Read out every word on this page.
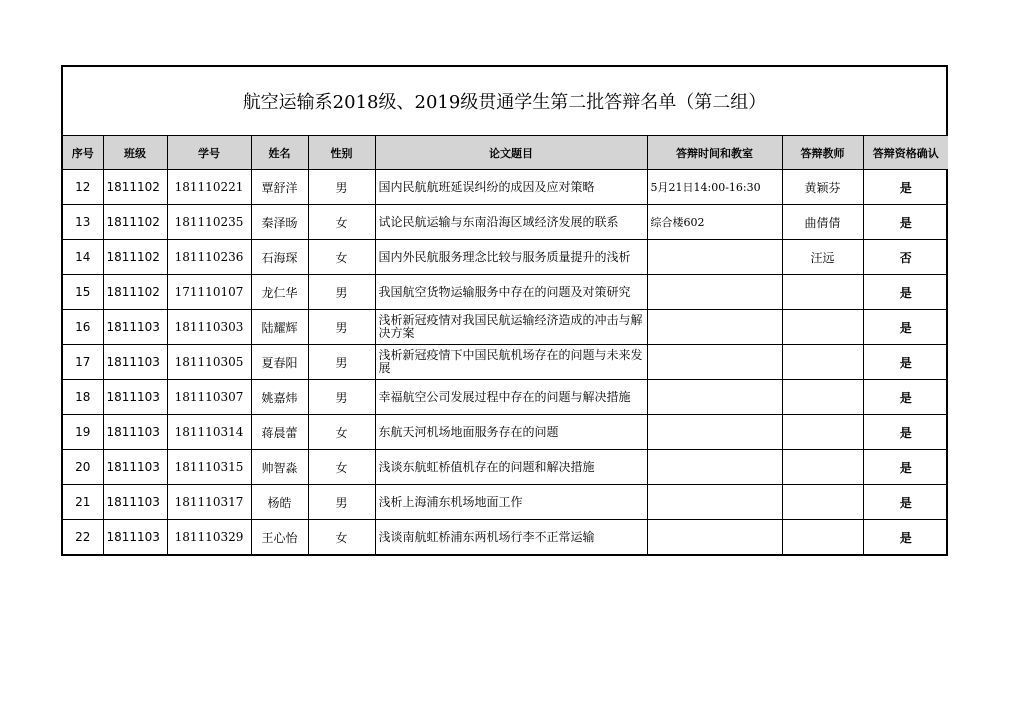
航空运输系2018级、2019级贯通学生第二批答辩名单（第二组）
序号	班级	学号	姓名	性别	论文题目	答辩时间和教室	答辩教师	答辩资格确认
12	1811102	181110221	覃舒洋	男	国内民航航班延误纠纷的成因及应对策略	5月21日14:00-16:30	黄颖芬	是
13	1811102	181110235	秦泽旸	女	试论民航运输与东南沿海区域经济发展的联系	综合楼602	曲倩倩	是
14	1811102	181110236	石海琛	女	国内外民航服务理念比较与服务质量提升的浅析		汪远	否
15	1811102	171110107	龙仁华	男	我国航空货物运输服务中存在的问题及对策研究			是
16	1811103	181110303	陆耀辉	男	浅析新冠疫情对我国民航运输经济造成的冲击与解决方案			是
17	1811103	181110305	夏春阳	男	浅析新冠疫情下中国民航机场存在的问题与未来发展			是
18	1811103	181110307	姚嘉炜	男	幸福航空公司发展过程中存在的问题与解决措施			是
19	1811103	181110314	蒋晨蕾	女	东航天河机场地面服务存在的问题			是
20	1811103	181110315	帅智淼	女	浅谈东航虹桥值机存在的问题和解决措施			是
21	1811103	181110317	杨皓	男	浅析上海浦东机场地面工作			是
22	1811103	181110329	王心怡	女	浅谈南航虹桥浦东两机场行李不正常运输			是
